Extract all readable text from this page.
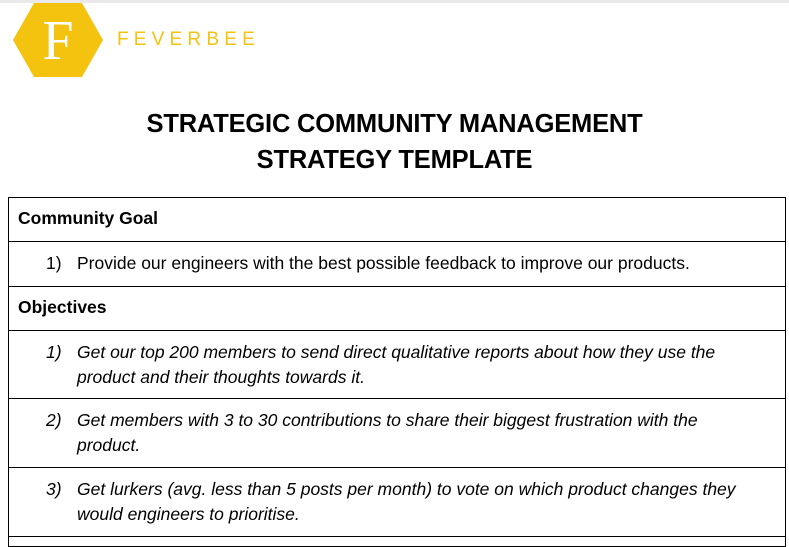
F FEVERBEE
STRATEGIC COMMUNITY MANAGEMENT
STRATEGY TEMPLATE
Community Goal
1) Provide our engineers with the best possible feedback to improve our products.
Objectives
1) Get our top 200 members to send direct qualitative reports about how they use the
product and their thoughts towards it.
2) Get members with 3 to 30 contributions to share their biggest frustration with the
product.
3) Get lurkers (avg. less than 5 posts per month) to vote on which product changes they
would engineers to prioritise.
